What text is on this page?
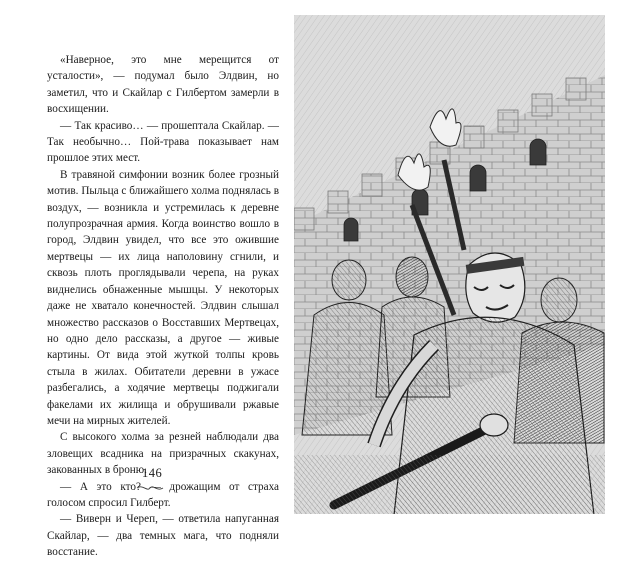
«Наверное, это мне мерещится от усталости», — подумал было Элдвин, но заметил, что и Скайлар с Гилбертом замерли в восхищении.

— Так красиво… — прошептала Скайлар. — Так необычно… Пой-трава показывает нам прошлое этих мест.

В травяной симфонии возник более грозный мотив. Пыльца с ближайшего холма поднялась в воздух, — возникла и устремилась к деревне полупрозрачная армия. Когда воинство вошло в город, Элдвин увидел, что все это ожившие мертвецы — их лица наполовину сгнили, и сквозь плоть проглядывали черепа, на руках виднелись обнаженные мышцы. У некоторых даже не хватало конечностей. Элдвин слышал множество рассказов о Восставших Мертвецах, но одно дело рассказы, а другое — живые картины. От вида этой жуткой толпы кровь стыла в жилах. Обитатели деревни в ужасе разбегались, а ходячие мертвецы поджигали факелами их жилища и обрушивали ржавые мечи на мирных жителей.

С высокого холма за резней наблюдали два зловещих всадника на призрачных скакунах, закованных в броню.

— А это кто? — дрожащим от страха голосом спросил Гилберт.

— Виверн и Череп, — ответила напуганная Скайлар, — два темных мага, что подняли восстание.

146
